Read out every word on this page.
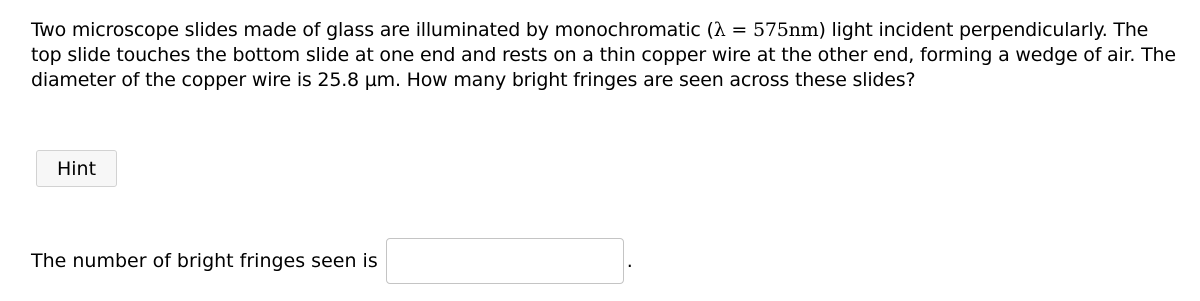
Two microscope slides made of glass are illuminated by monochromatic (λ = 575nm) light incident perpendicularly. The top slide touches the bottom slide at one end and rests on a thin copper wire at the other end, forming a wedge of air. The diameter of the copper wire is 25.8 µm. How many bright fringes are seen across these slides?
Hint
The number of bright fringes seen is	.
